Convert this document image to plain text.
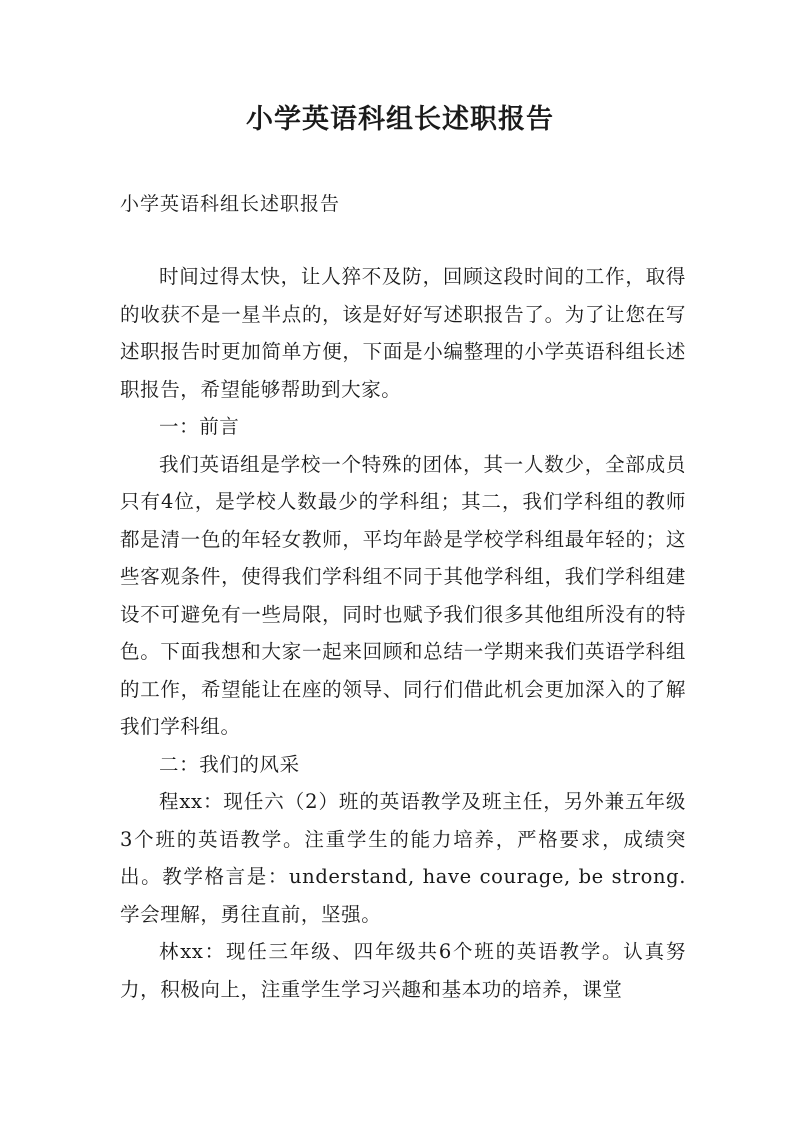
小学英语科组长述职报告
小学英语科组长述职报告

时间过得太快，让人猝不及防，回顾这段时间的工作，取得的收获不是一星半点的，该是好好写述职报告了。为了让您在写述职报告时更加简单方便，下面是小编整理的小学英语科组长述职报告，希望能够帮助到大家。

一：前言

我们英语组是学校一个特殊的团体，其一人数少，全部成员只有4位，是学校人数最少的学科组；其二，我们学科组的教师都是清一色的年轻女教师，平均年龄是学校学科组最年轻的；这些客观条件，使得我们学科组不同于其他学科组，我们学科组建设不可避免有一些局限，同时也赋予我们很多其他组所没有的特色。下面我想和大家一起来回顾和总结一学期来我们英语学科组的工作，希望能让在座的领导、同行们借此机会更加深入的了解我们学科组。

二：我们的风采

程xx：现任六（2）班的英语教学及班主任，另外兼五年级3个班的英语教学。注重学生的能力培养，严格要求，成绩突出。教学格言是：understand, have courage, be strong. 学会理解，勇往直前，坚强。

林xx：现任三年级、四年级共6个班的英语教学。认真努力，积极向上，注重学生学习兴趣和基本功的培养，课堂
